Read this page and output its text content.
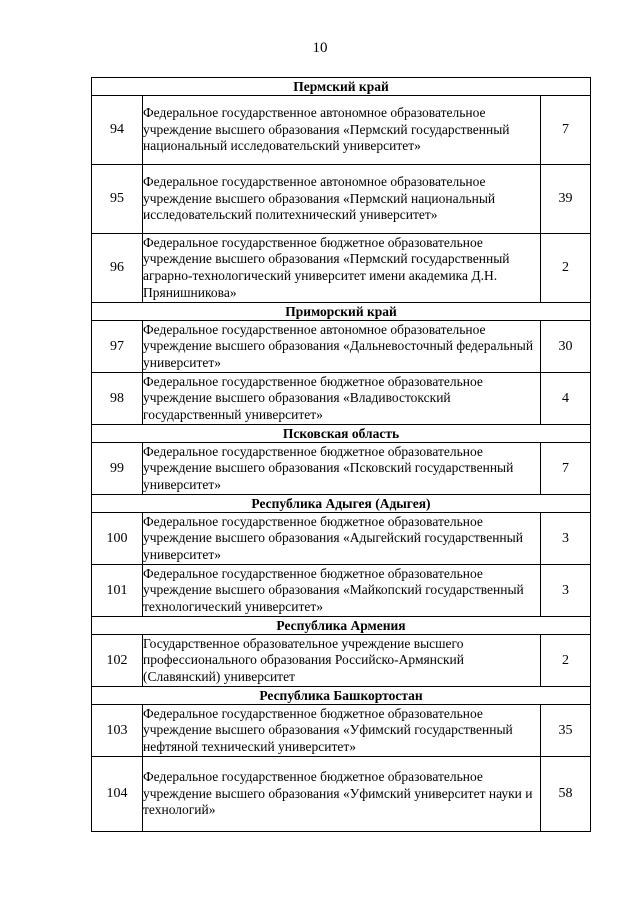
10
Пермский край		
94	Федеральное государственное автономное образовательное учреждение высшего образования «Пермский государственный национальный исследовательский университет»	7
95	Федеральное государственное автономное образовательное учреждение высшего образования «Пермский национальный исследовательский политехнический университет»	39
96	Федеральное государственное бюджетное образовательное учреждение высшего образования «Пермский государственный аграрно-технологический университет имени академика Д.Н. Прянишникова»	2
Приморский край		
97	Федеральное государственное автономное образовательное учреждение высшего образования «Дальневосточный федеральный университет»	30
98	Федеральное государственное бюджетное образовательное учреждение высшего образования «Владивостокский государственный университет»	4
Псковская область		
99	Федеральное государственное бюджетное образовательное учреждение высшего образования «Псковский государственный университет»	7
Республика Адыгея (Адыгея)		
100	Федеральное государственное бюджетное образовательное учреждение высшего образования «Адыгейский государственный университет»	3
101	Федеральное государственное бюджетное образовательное учреждение высшего образования «Майкопский государственный технологический университет»	3
Республика Армения		
102	Государственное образовательное учреждение высшего профессионального образования Российско-Армянский (Славянский) университет	2
Республика Башкортостан		
103	Федеральное государственное бюджетное образовательное учреждение высшего образования «Уфимский государственный нефтяной технический университет»	35
104	Федеральное государственное бюджетное образовательное учреждение высшего образования «Уфимский университет науки и технологий»	58
